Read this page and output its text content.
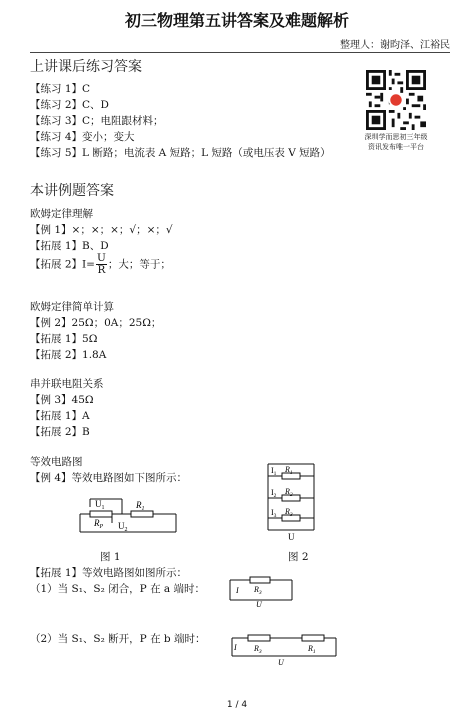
初三物理第五讲答案及难题解析
整理人：谢昀泽、江裕民
深圳学而思初三年级
资讯发布唯一平台
上讲课后练习答案
【练习 1】C
【练习 2】C、D
【练习 3】C；电阻跟材料；
【练习 4】变小；变大
【练习 5】L 断路；电流表 A 短路；L 短路（或电压表 V 短路）
本讲例题答案
欧姆定律理解
【例 1】×；×；×；√；×；√
【拓展 1】B、D
【拓展 2】$I= \frac{U}{R}$ ；大；等于；
欧姆定律简单计算
【例 2】25Ω；0A；25Ω；
【拓展 1】5Ω
【拓展 2】1.8A
串并联电阻关系
【例 3】45Ω
【拓展 1】A
【拓展 2】B
等效电路图
【例 4】等效电路图如下图所示：
$U_1$	$R_1$
$R_P$ $U_2$
$I_1$ $R_1$
$I_2$ $R_2$
$I_3$ $R_3$
U
图 1	图 2
【拓展 1】等效电路图如图所示：
（1）当 S₁、S₂ 闭合，P 在 a 端时：	I $R_3$
U
（2）当 S₁、S₂ 断开，P 在 b 端时：
I $R_3$	$R_1$
U
1 / 4
